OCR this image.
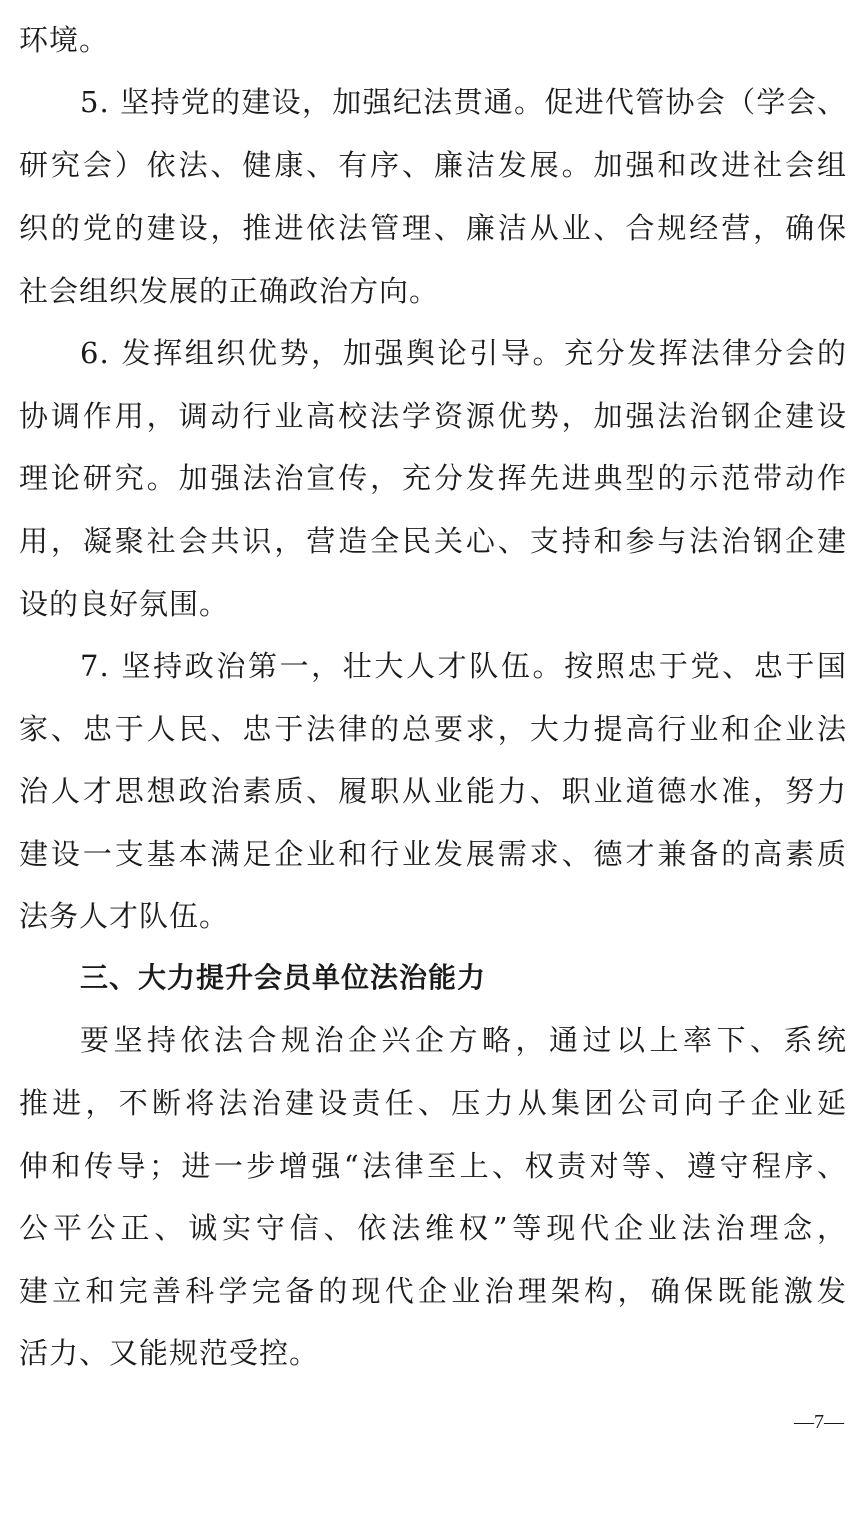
环境。
5. 坚持党的建设，加强纪法贯通。促进代管协会（学会、
研究会）依法、健康、有序、廉洁发展。加强和改进社会组
织的党的建设，推进依法管理、廉洁从业、合规经营，确保
社会组织发展的正确政治方向。
6. 发挥组织优势，加强舆论引导。充分发挥法律分会的
协调作用，调动行业高校法学资源优势，加强法治钢企建设
理论研究。加强法治宣传，充分发挥先进典型的示范带动作
用，凝聚社会共识，营造全民关心、支持和参与法治钢企建
设的良好氛围。
7. 坚持政治第一，壮大人才队伍。按照忠于党、忠于国
家、忠于人民、忠于法律的总要求，大力提高行业和企业法
治人才思想政治素质、履职从业能力、职业道德水准，努力
建设一支基本满足企业和行业发展需求、德才兼备的高素质
法务人才队伍。
三、大力提升会员单位法治能力
要坚持依法合规治企兴企方略，通过以上率下、系统
推进，不断将法治建设责任、压力从集团公司向子企业延
伸和传导；进一步增强“法律至上、权责对等、遵守程序、
公平公正、诚实守信、依法维权”等现代企业法治理念，
建立和完善科学完备的现代企业治理架构，确保既能激发
活力、又能规范受控。
—7—
